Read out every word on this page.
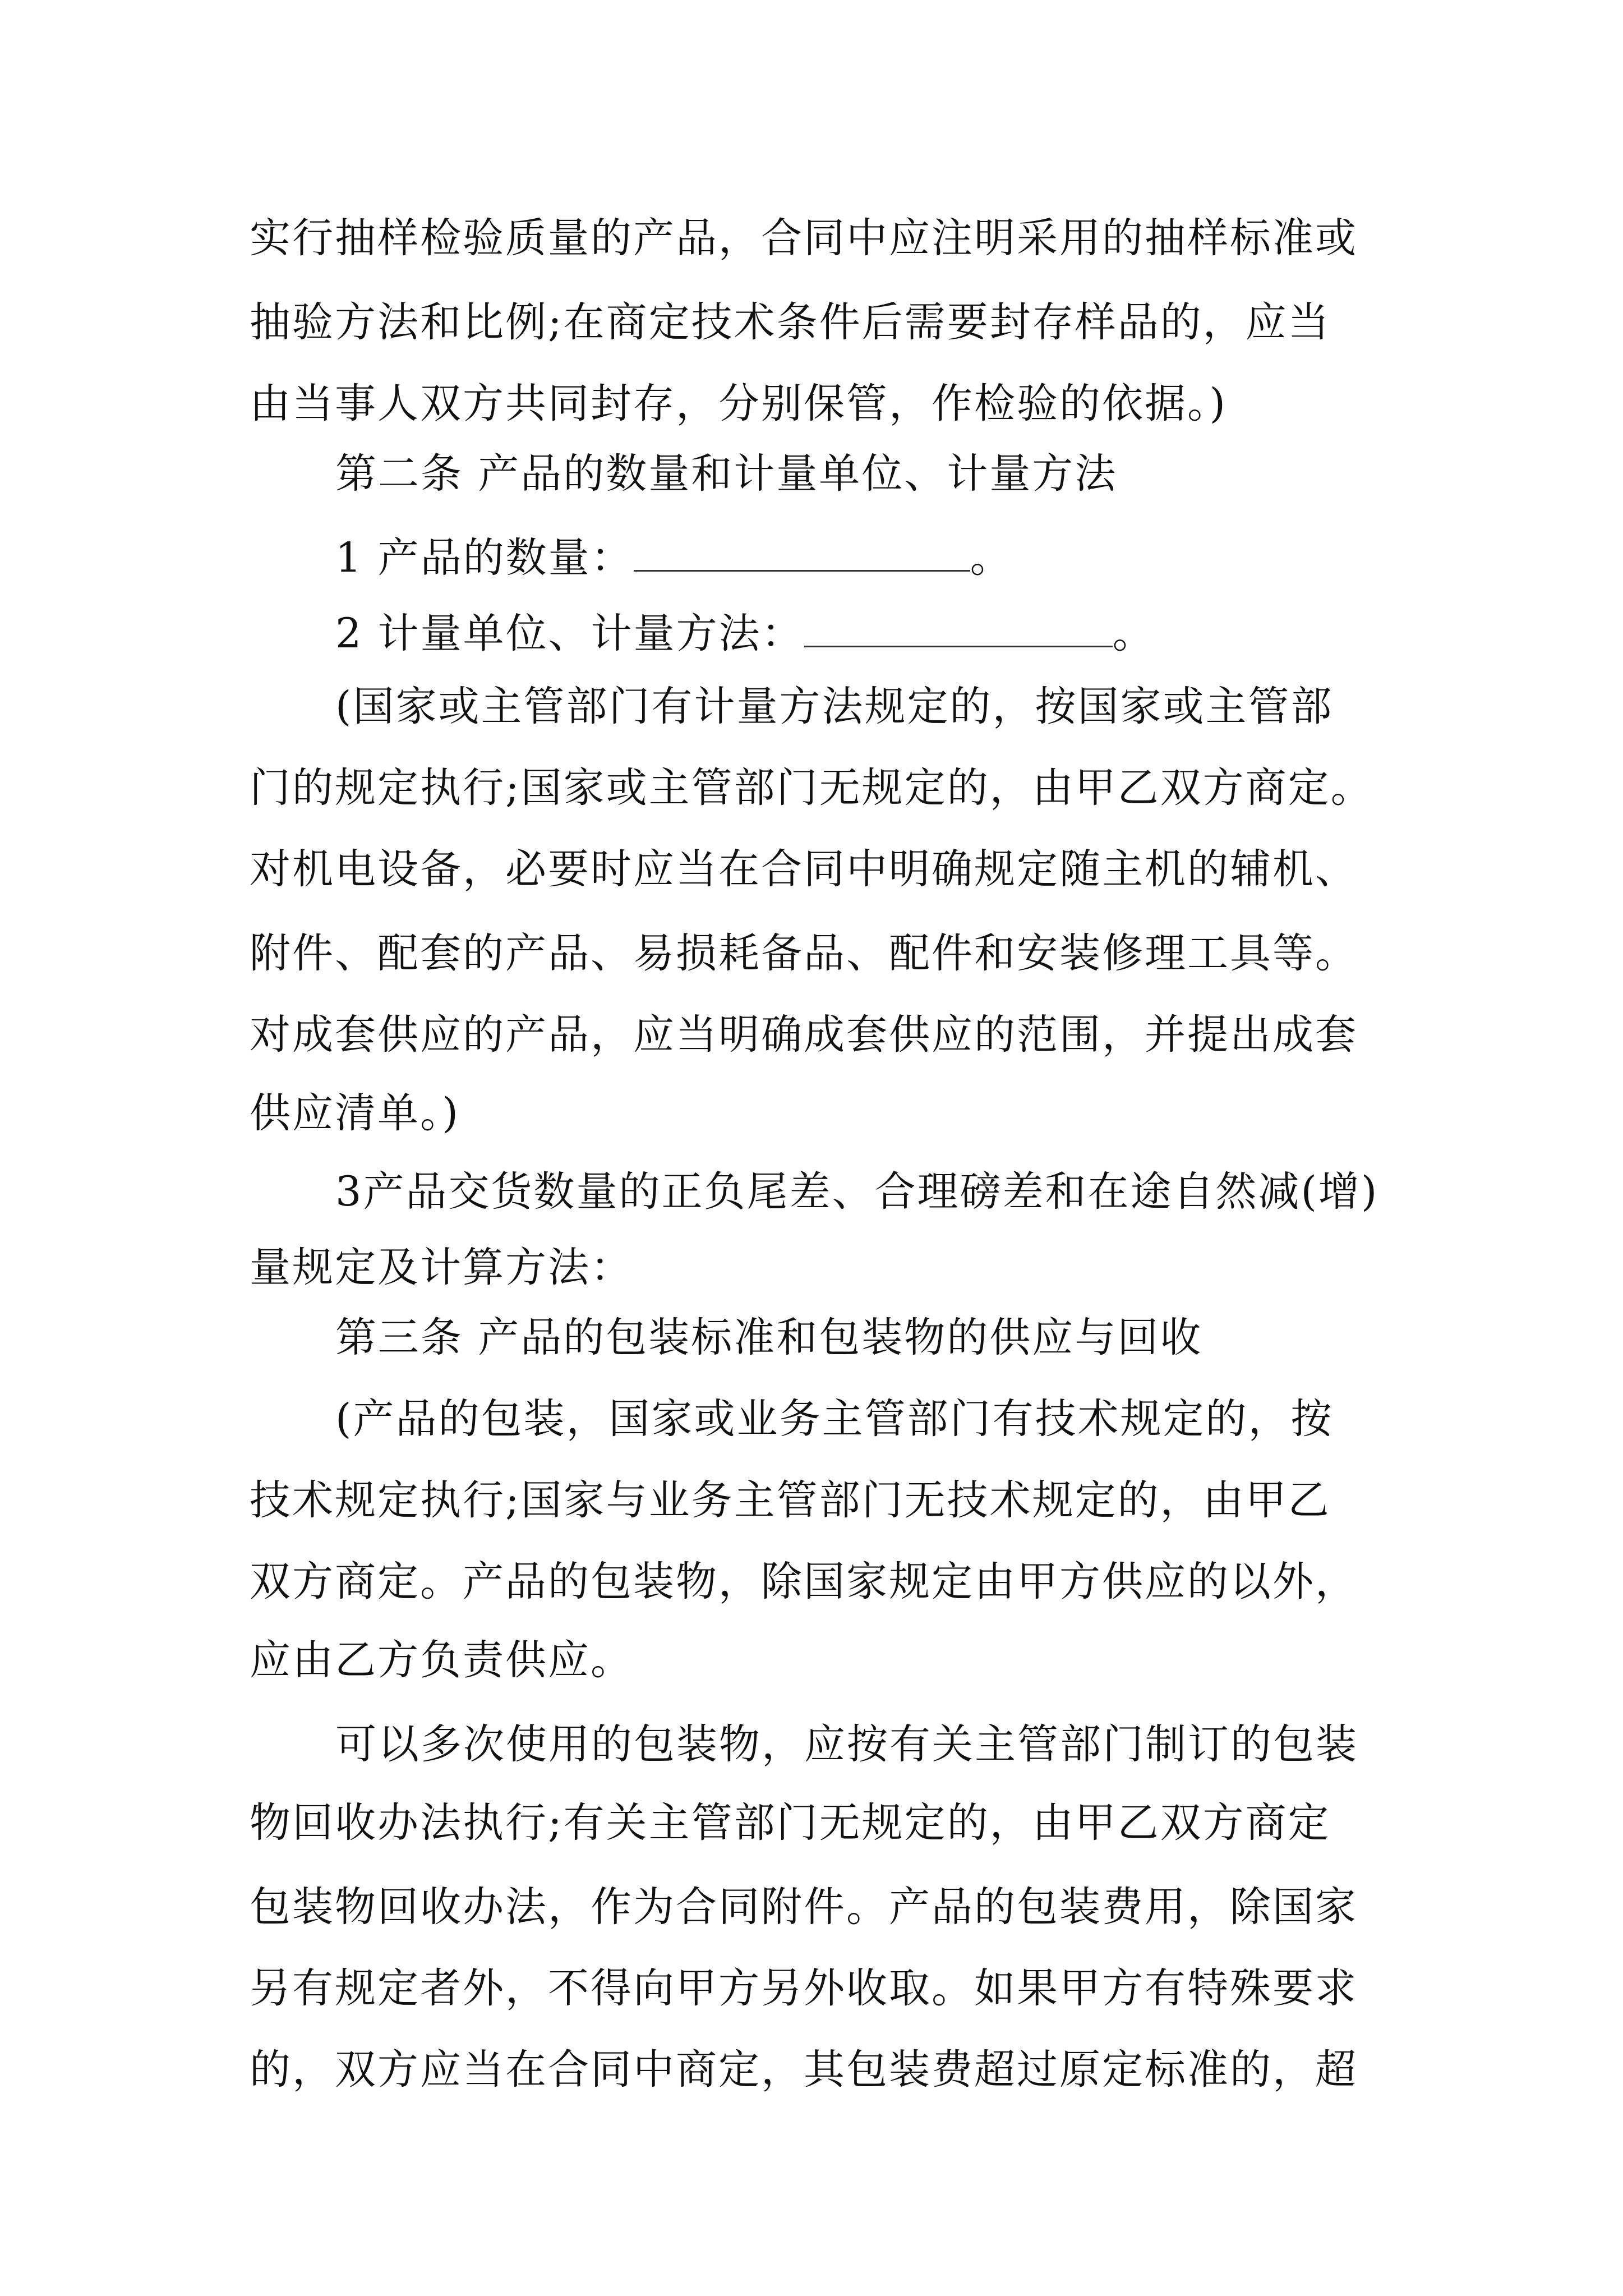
实行抽样检验质量的产品，合同中应注明采用的抽样标准或
抽验方法和比例;在商定技术条件后需要封存样品的，应当
由当事人双方共同封存，分别保管，作检验的依据。)
第二条 产品的数量和计量单位、计量方法
1 产品的数量：	。
2 计量单位、计量方法：	。
(国家或主管部门有计量方法规定的，按国家或主管部
门的规定执行;国家或主管部门无规定的，由甲乙双方商定。
对机电设备，必要时应当在合同中明确规定随主机的辅机、
附件、配套的产品、易损耗备品、配件和安装修理工具等。
对成套供应的产品，应当明确成套供应的范围，并提出成套
供应清单。)
3产品交货数量的正负尾差、合理磅差和在途自然减(增)
量规定及计算方法：
第三条 产品的包装标准和包装物的供应与回收
(产品的包装，国家或业务主管部门有技术规定的，按
技术规定执行;国家与业务主管部门无技术规定的，由甲乙
双方商定。产品的包装物，除国家规定由甲方供应的以外，
应由乙方负责供应。
可以多次使用的包装物，应按有关主管部门制订的包装
物回收办法执行;有关主管部门无规定的，由甲乙双方商定
包装物回收办法，作为合同附件。产品的包装费用，除国家
另有规定者外，不得向甲方另外收取。如果甲方有特殊要求
的，双方应当在合同中商定，其包装费超过原定标准的，超
